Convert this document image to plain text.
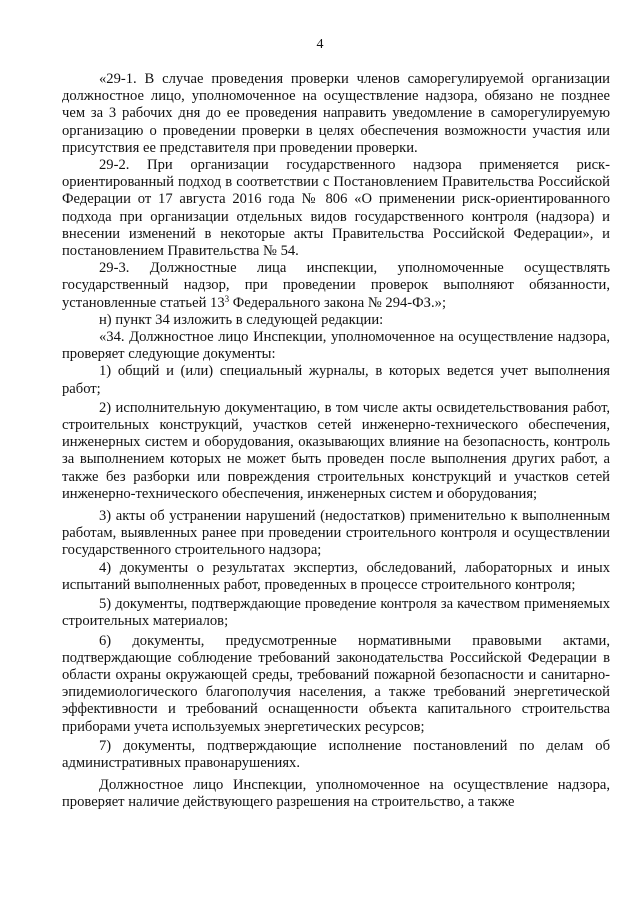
4

«29-1. В случае проведения проверки членов саморегулируемой организации должностное лицо, уполномоченное на осуществление надзора, обязано не позднее чем за 3 рабочих дня до ее проведения направить уведомление в саморегулируемую организацию о проведении проверки в целях обеспечения возможности участия или присутствия ее представителя при проведении проверки.

29-2. При организации государственного надзора применяется риск-ориентированный подход в соответствии с Постановлением Правительства Российской Федерации от 17 августа 2016 года № 806 «О применении риск-ориентированного подхода при организации отдельных видов государственного контроля (надзора) и внесении изменений в некоторые акты Правительства Российской Федерации», и постановлением Правительства № 54.

29-3. Должностные лица инспекции, уполномоченные осуществлять государственный надзор, при проведении проверок выполняют обязанности, установленные статьей $13^3$ Федерального закона № 294-ФЗ.»;

н) пункт 34 изложить в следующей редакции:

«34. Должностное лицо Инспекции, уполномоченное на осуществление надзора, проверяет следующие документы:

1) общий и (или) специальный журналы, в которых ведется учет выполнения работ;

2) исполнительную документацию, в том числе акты освидетельствования работ, строительных конструкций, участков сетей инженерно-технического обеспечения, инженерных систем и оборудования, оказывающих влияние на безопасность, контроль за выполнением которых не может быть проведен после выполнения других работ, а также без разборки или повреждения строительных конструкций и участков сетей инженерно-технического обеспечения, инженерных систем и оборудования;

3) акты об устранении нарушений (недостатков) применительно к выполненным работам, выявленных ранее при проведении строительного контроля и осуществлении государственного строительного надзора;

4) документы о результатах экспертиз, обследований, лабораторных и иных испытаний выполненных работ, проведенных в процессе строительного контроля;

5) документы, подтверждающие проведение контроля за качеством применяемых строительных материалов;

6) документы, предусмотренные нормативными правовыми актами, подтверждающие соблюдение требований законодательства Российской Федерации в области охраны окружающей среды, требований пожарной безопасности и санитарно-эпидемиологического благополучия населения, а также требований энергетической эффективности и требований оснащенности объекта капитального строительства приборами учета используемых энергетических ресурсов;

7) документы, подтверждающие исполнение постановлений по делам об административных правонарушениях.

Должностное лицо Инспекции, уполномоченное на осуществление надзора, проверяет наличие действующего разрешения на строительство, а также
